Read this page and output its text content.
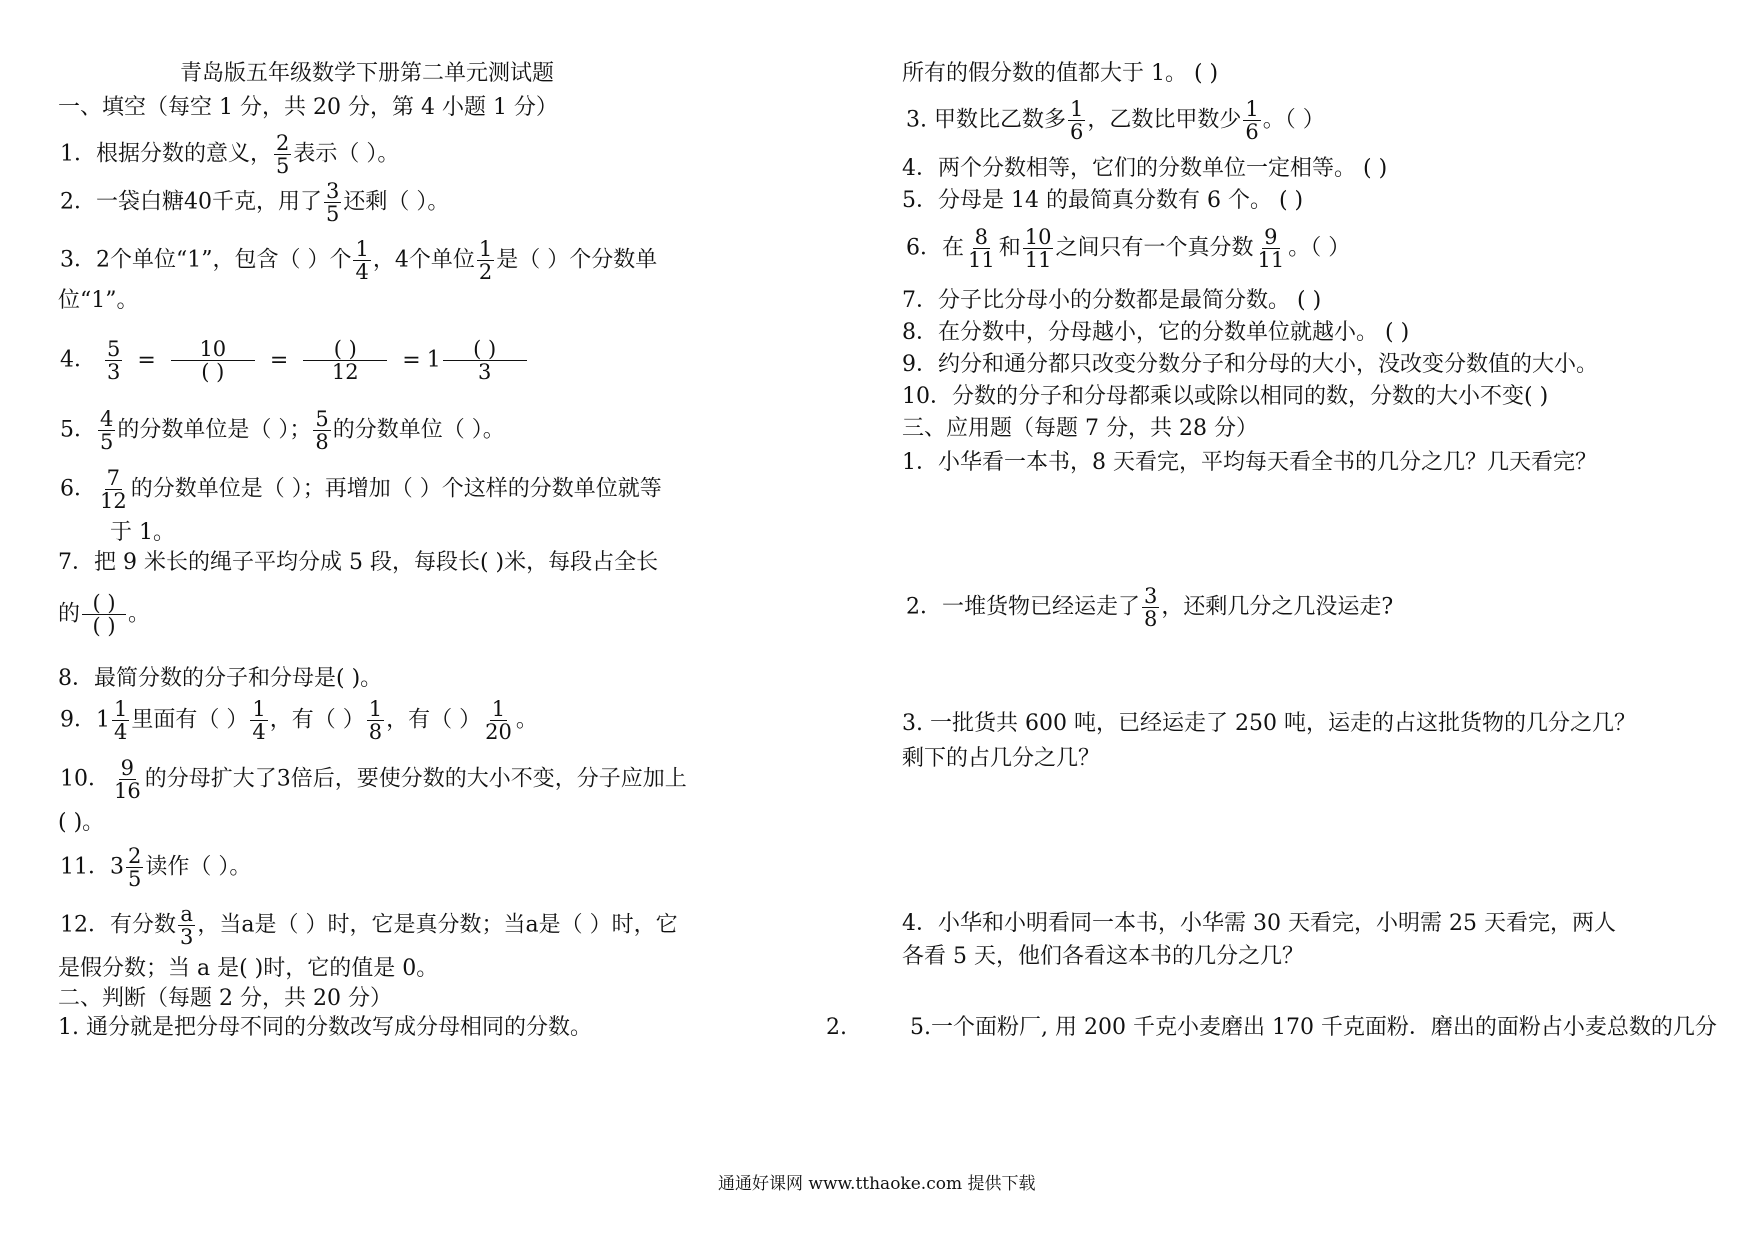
青岛版五年级数学下册第二单元测试题
一、填空（每空 1 分，共 20 分，第 4 小题 1 分）
1．根据分数的意义， $\frac{2}{5}$ 表示（ ）。
2．一袋白糖40千克，用了 $\frac{3}{5}$ 还剩（ ）。
3．2个单位“1”，包含（ ）个 $\frac{1}{4}$ ，4个单位 $\frac{1}{2}$ 是（ ）个分数单
位“1”。
4． $\frac{5}{3} = \frac{10}{( )} = \frac{( )}{12} = 1 \frac{( )}{3}$
5． $\frac{4}{5}$ 的分数单位是（ ）； $\frac{5}{8}$ 的分数单位（ ）。
6． $\frac{7}{12}$ 的分数单位是（ ）；再增加（ ）个这样的分数单位就等
于 1。
7．把 9 米长的绳子平均分成 5 段，每段长( )米，每段占全长
的 $\frac{( )}{( )}$ 。
8．最简分数的分子和分母是( )。
9．$1 \frac{1}{4}$ 里面有（ ） $\frac{1}{4}$ ，有（ ） $\frac{1}{8}$ ，有（ ） $\frac{1}{20}$ 。
10． $\frac{9}{16}$ 的分母扩大了3倍后，要使分数的大小不变，分子应加上
( )。
11．$3 \frac{2}{5}$ 读作（ ）。
12．有分数 $\frac{a}{3}$ ，当a是（ ）时，它是真分数；当a是（ ）时，它
是假分数；当 a 是( )时，它的值是 0。
二、判断（每题 2 分，共 20 分）
1. 通分就是把分母不同的分数改写成分母相同的分数。	2.
所有的假分数的值都大于 1。 ( )
3. 甲数比乙数多 $\frac{1}{6}$ ，乙数比甲数少 $\frac{1}{6}$ 。（ ）
4．两个分数相等，它们的分数单位一定相等。 ( )
5．分母是 14 的最简真分数有 6 个。 ( )
6．在 $\frac{8}{11}$ 和 $\frac{10}{11}$ 之间只有一个真分数 $\frac{9}{11}$ 。（ ）
7．分子比分母小的分数都是最简分数。 ( )
8．在分数中，分母越小，它的分数单位就越小。 ( )
9．约分和通分都只改变分数分子和分母的大小，没改变分数值的大小。
10．分数的分子和分母都乘以或除以相同的数，分数的大小不变( )
三、应用题（每题 7 分，共 28 分）
1．小华看一本书，8 天看完，平均每天看全书的几分之几？几天看完？
2．一堆货物已经运走了 $\frac{3}{8}$ ，还剩几分之几没运走?
3. 一批货共 600 吨，已经运走了 250 吨，运走的占这批货物的几分之几？
剩下的占几分之几？
4．小华和小明看同一本书，小华需 30 天看完，小明需 25 天看完，两人
各看 5 天，他们各看这本书的几分之几？
5.一个面粉厂, 用 200 千克小麦磨出 170 千克面粉．磨出的面粉占小麦总数的几分
通通好课网 www.tthaoke.com 提供下载
